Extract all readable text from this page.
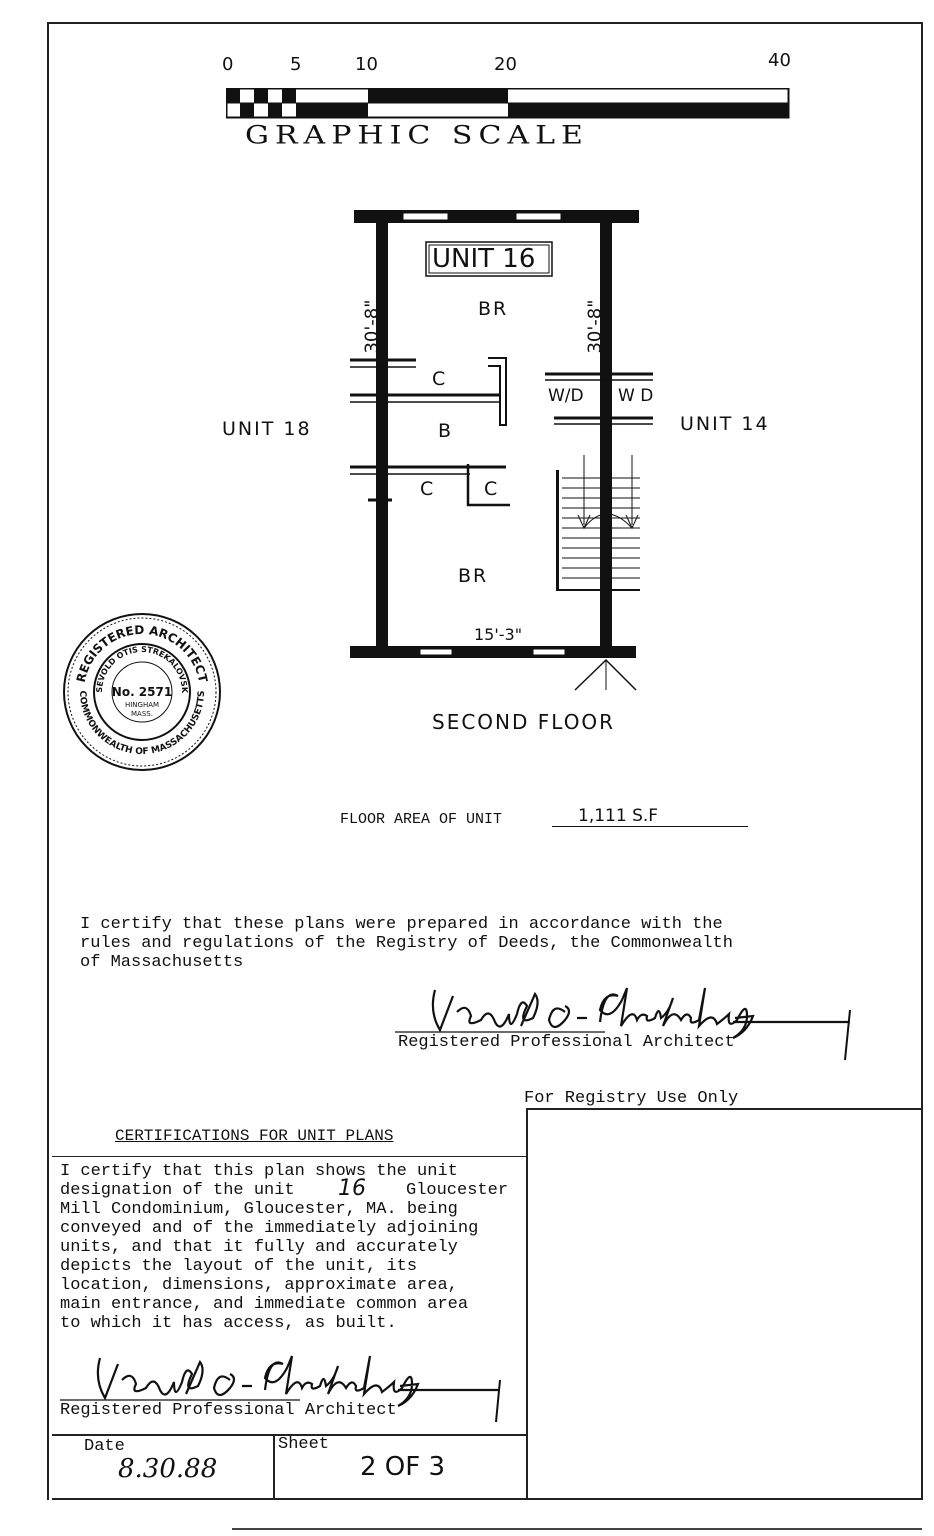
0	5	10	20	40
GRAPHIC SCALE
UNIT 16
30'-8"	30'-8"
15'-3"
BR
C
B
C	C
BR
W/D W D
UNIT 18	UNIT 14
SECOND FLOOR
REGISTERED ARCHITECT
SEVOLD OTIS STREKALOVSK
COMMONWEALTH OF MASSACHUSETTS
No. 2571
HINGHAM
MASS.
FLOOR AREA OF UNIT	1,111 S.F
I certify that these plans were prepared in accordance with the
rules and regulations of the Registry of Deeds, the Commonwealth
of Massachusetts
Registered Professional Architect
For Registry Use Only
CERTIFICATIONS FOR UNIT PLANS
I certify that this plan shows the unit
designation of the unit 16 Gloucester
Mill Condominium, Gloucester, MA. being
conveyed and of the immediately adjoining
units, and that it fully and accurately
depicts the layout of the unit, its
location, dimensions, approximate area,
main entrance, and immediate common area
to which it has access, as built.
Registered Professional Architect
Date
8.30.88
Sheet
2 OF 3
